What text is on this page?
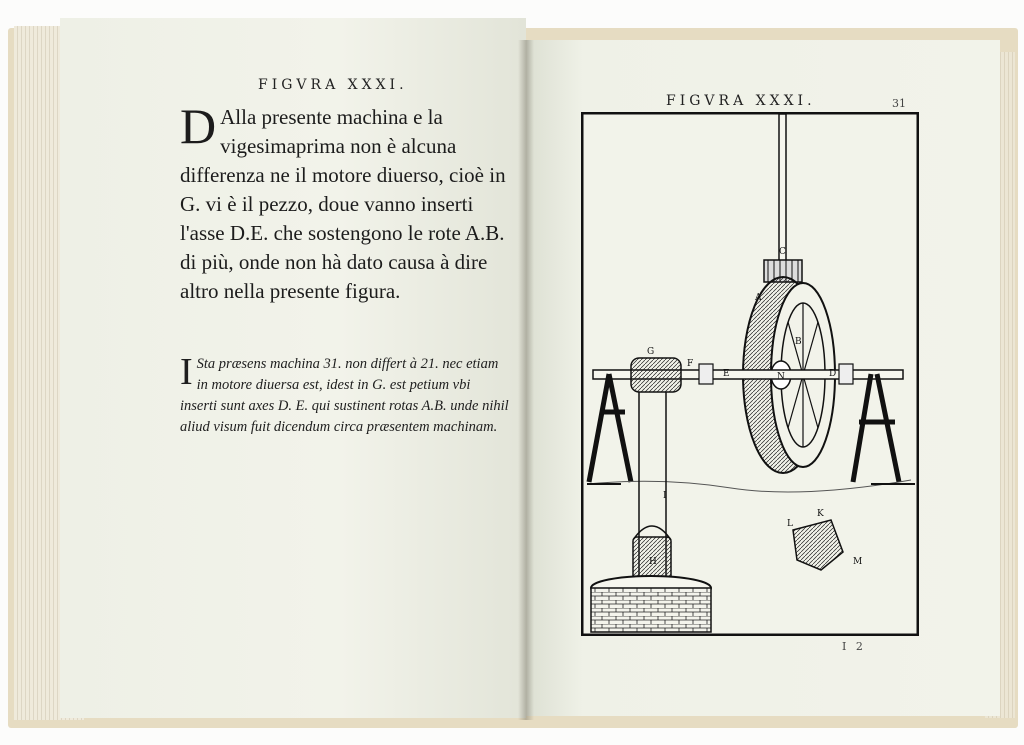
FIGVRA XXXI.
D Alla presente machina e la vigesimaprima non è alcuna differenza ne il motore diuerso, cioè in G. vi è il pezzo, doue vanno inserti l'asse D.E. che sostengono le rote A.B. di più, onde non hà dato causa à dire altro nella presente figura.
I Sta præsens machina 31. non differt à 21. nec etiam in motore diuersa est, idest in G. est petium vbi inserti sunt axes D. E. qui sustinent rotas A.B. unde nihil aliud visum fuit dicendum circa præsentem machinam.
FIGVRA XXXI.	31
I 2
A
B
C
D
E
F
G
H
I
K
L
M
N
